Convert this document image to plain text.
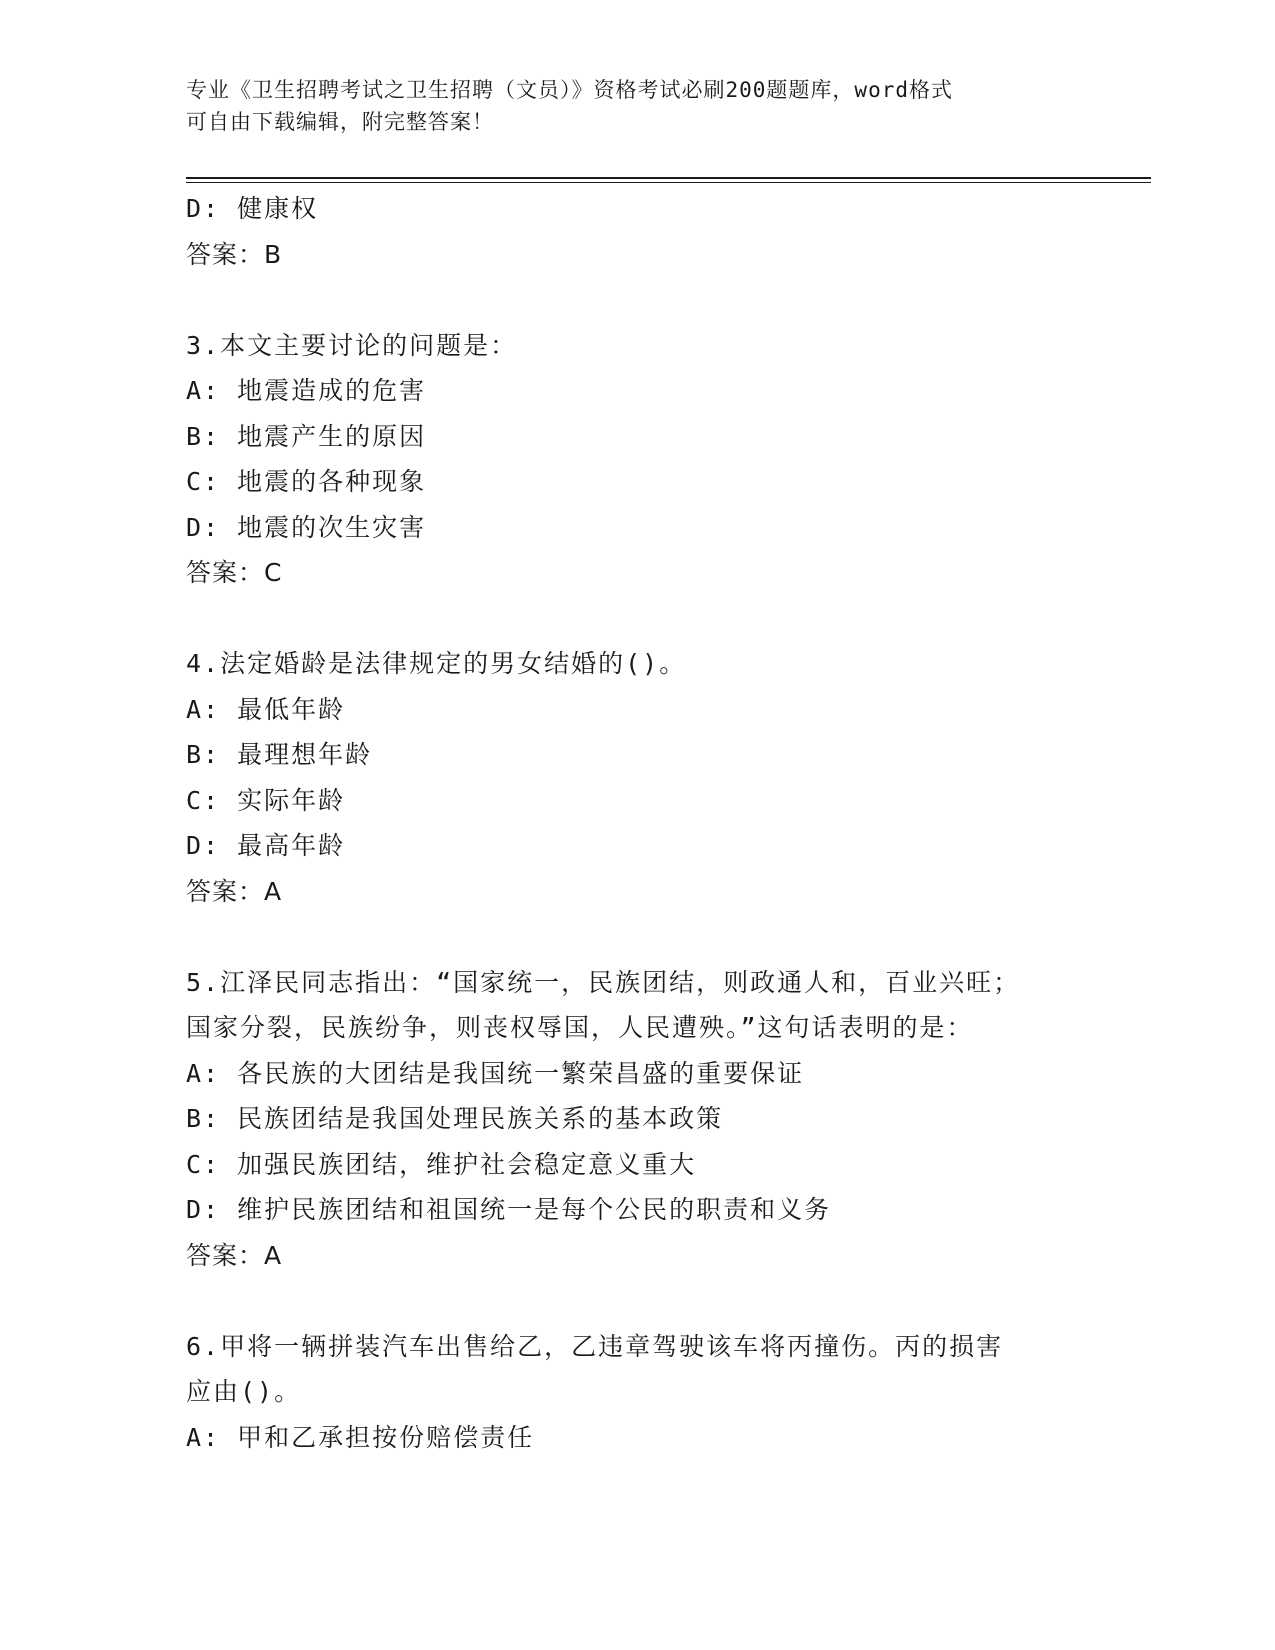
专业《卫生招聘考试之卫生招聘（文员）》资格考试必刷200题题库，word格式
可自由下载编辑，附完整答案！
D: 健康权
答案：B
3.本文主要讨论的问题是：
A: 地震造成的危害
B: 地震产生的原因
C: 地震的各种现象
D: 地震的次生灾害
答案：C
4.法定婚龄是法律规定的男女结婚的()。
A: 最低年龄
B: 最理想年龄
C: 实际年龄
D: 最高年龄
答案：A
5.江泽民同志指出：“国家统一，民族团结，则政通人和，百业兴旺；
国家分裂，民族纷争，则丧权辱国，人民遭殃。”这句话表明的是：
A: 各民族的大团结是我国统一繁荣昌盛的重要保证
B: 民族团结是我国处理民族关系的基本政策
C: 加强民族团结，维护社会稳定意义重大
D: 维护民族团结和祖国统一是每个公民的职责和义务
答案：A
6.甲将一辆拼装汽车出售给乙，乙违章驾驶该车将丙撞伤。丙的损害
应由()。
A: 甲和乙承担按份赔偿责任
